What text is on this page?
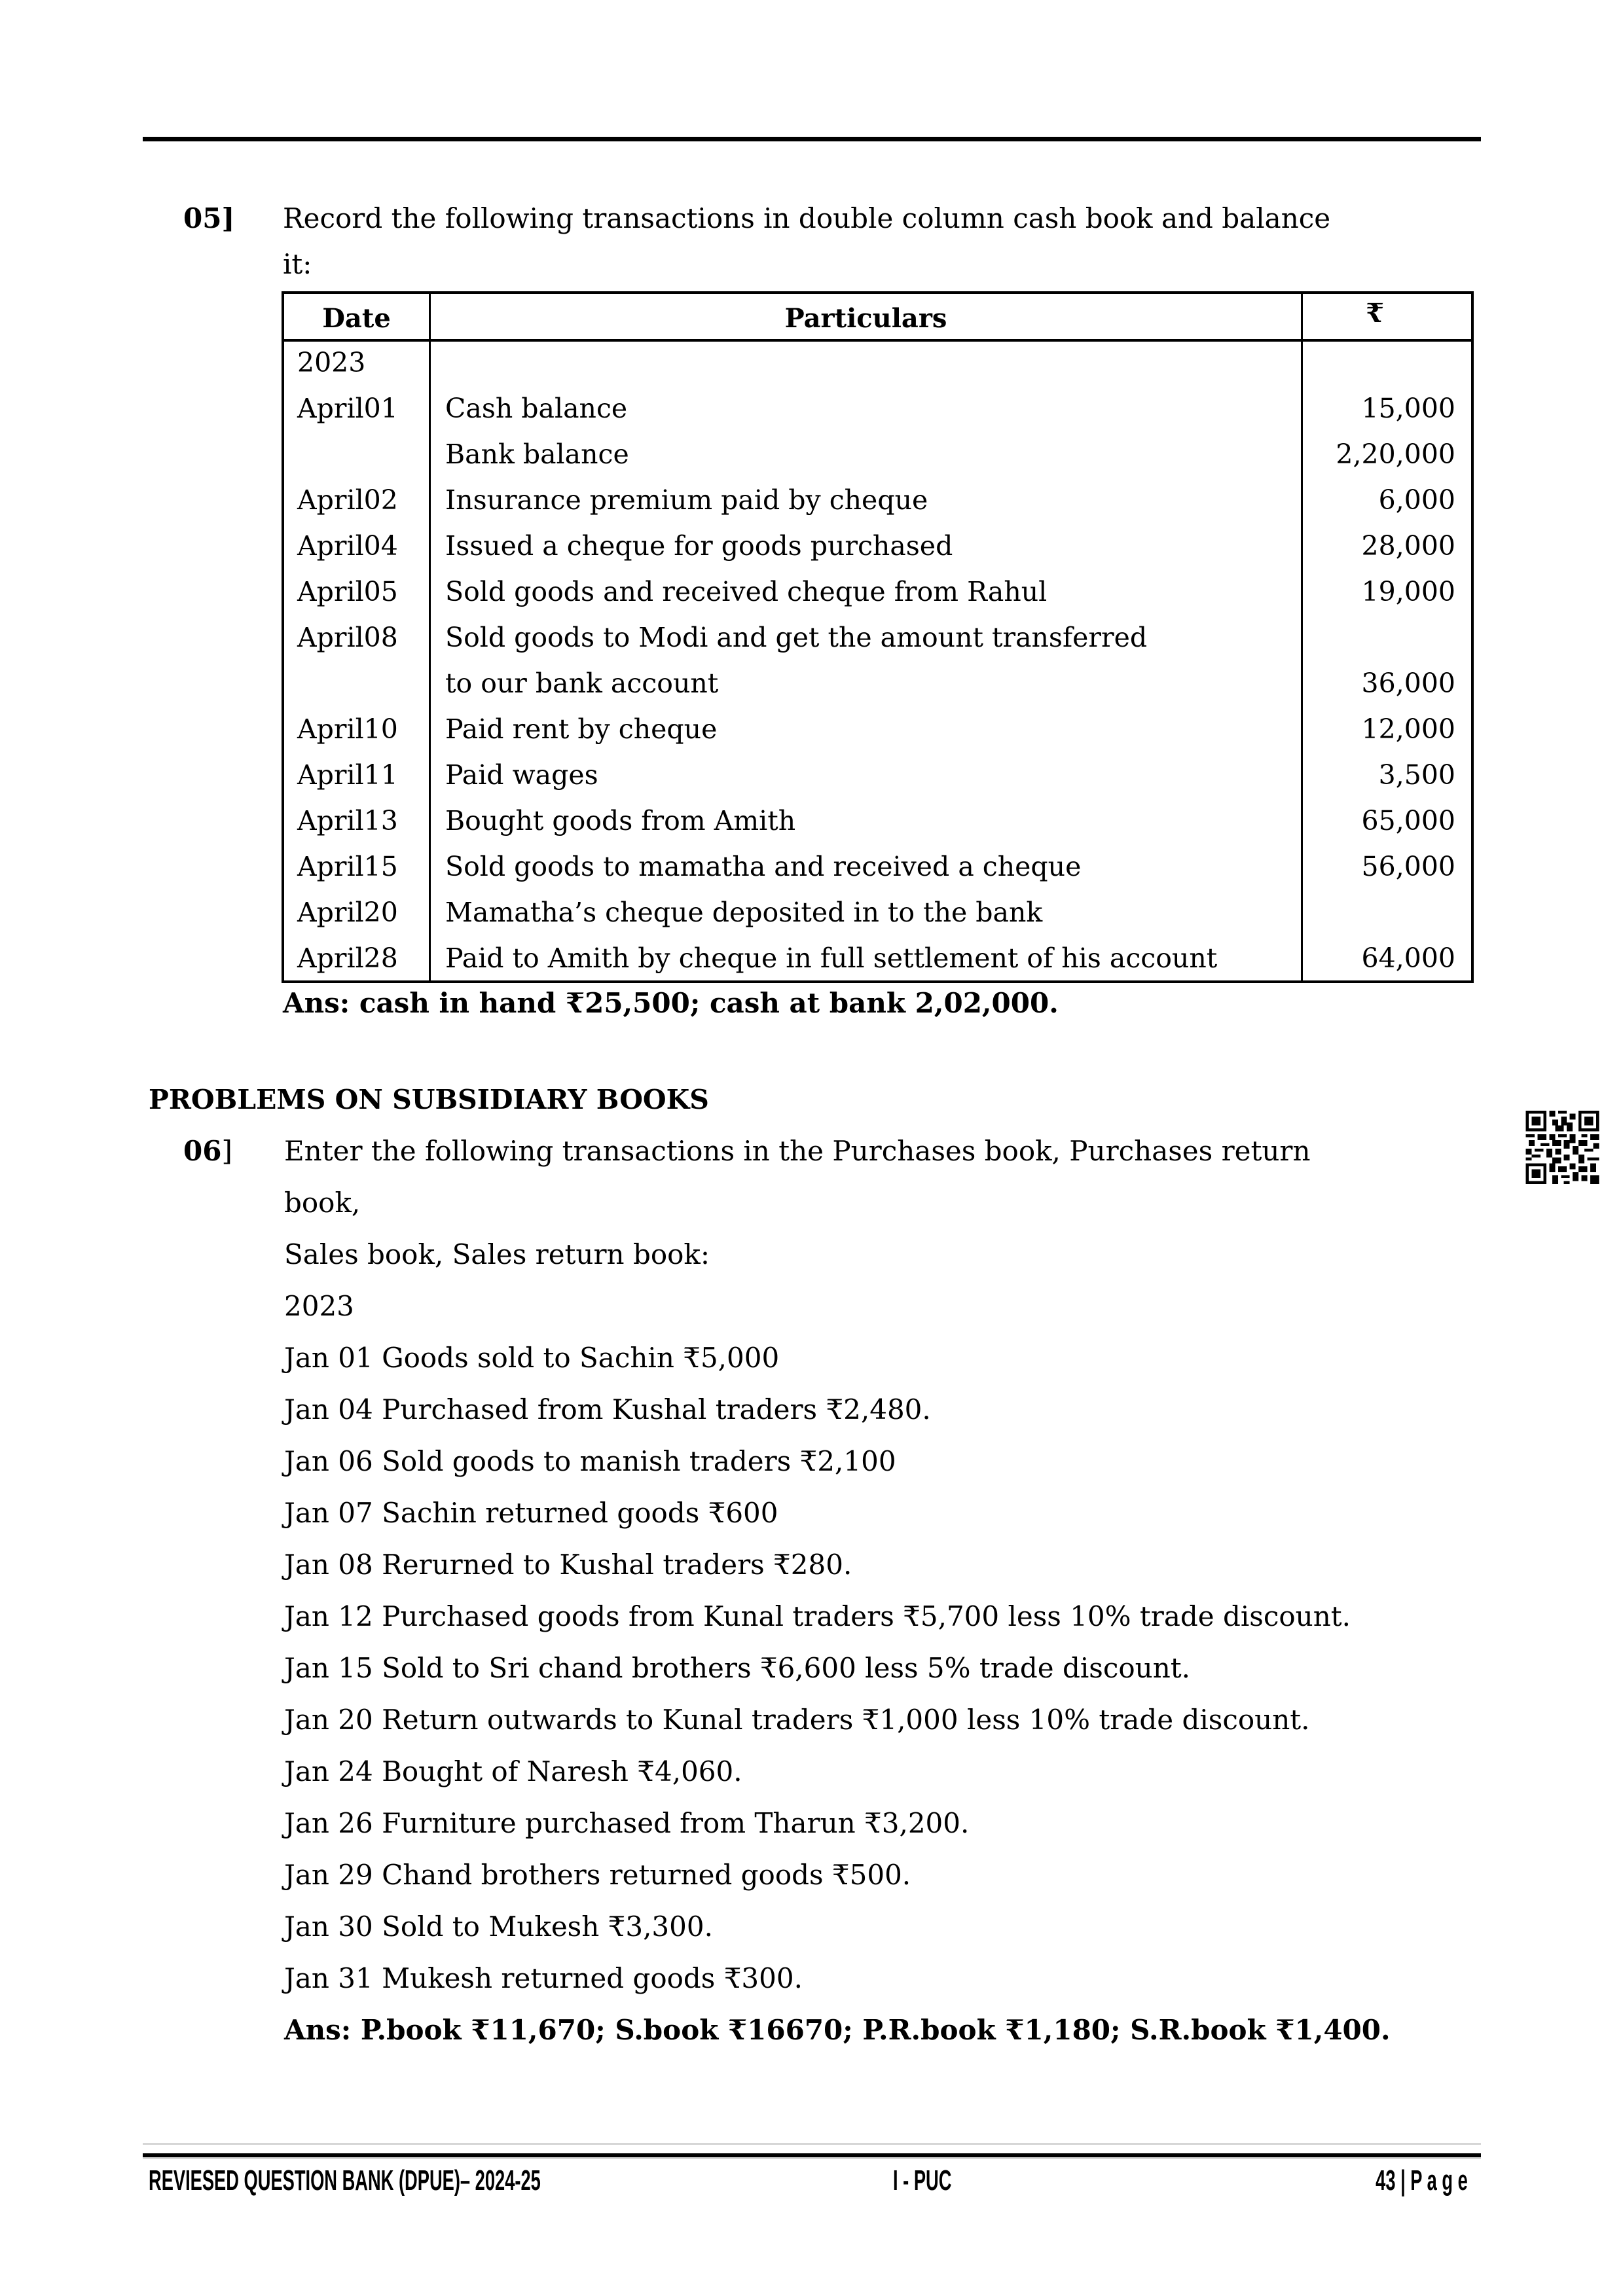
05] Record the following transactions in double column cash book and balance
it:
Date	Particulars	₹
2023
April01 Cash balance	15,000
Bank balance	2,20,000
April02 Insurance premium paid by cheque	6,000
April04 Issued a cheque for goods purchased	28,000
April05 Sold goods and received cheque from Rahul	19,000
April08 Sold goods to Modi and get the amount transferred
to our bank account	36,000
April10 Paid rent by cheque	12,000
April11 Paid wages	3,500
April13 Bought goods from Amith	65,000
April15 Sold goods to mamatha and received a cheque	56,000
April20 Mamatha’s cheque deposited in to the bank
April28 Paid to Amith by cheque in full settlement of his account	64,000
Ans: cash in hand ₹25,500; cash at bank 2,02,000.
PROBLEMS ON SUBSIDIARY BOOKS
06] Enter the following transactions in the Purchases book, Purchases return
book,
Sales book, Sales return book:
2023
Jan 01 Goods sold to Sachin ₹5,000
Jan 04 Purchased from Kushal traders ₹2,480.
Jan 06 Sold goods to manish traders ₹2,100
Jan 07 Sachin returned goods ₹600
Jan 08 Rerurned to Kushal traders ₹280.
Jan 12 Purchased goods from Kunal traders ₹5,700 less 10% trade discount.
Jan 15 Sold to Sri chand brothers ₹6,600 less 5% trade discount.
Jan 20 Return outwards to Kunal traders ₹1,000 less 10% trade discount.
Jan 24 Bought of Naresh ₹4,060.
Jan 26 Furniture purchased from Tharun ₹3,200.
Jan 29 Chand brothers returned goods ₹500.
Jan 30 Sold to Mukesh ₹3,300.
Jan 31 Mukesh returned goods ₹300.
Ans: P.book ₹11,670; S.book ₹16670; P.R.book ₹1,180; S.R.book ₹1,400.
REVIESED QUESTION BANK (DPUE)– 2024-25	I - PUC	43 | P a g e
